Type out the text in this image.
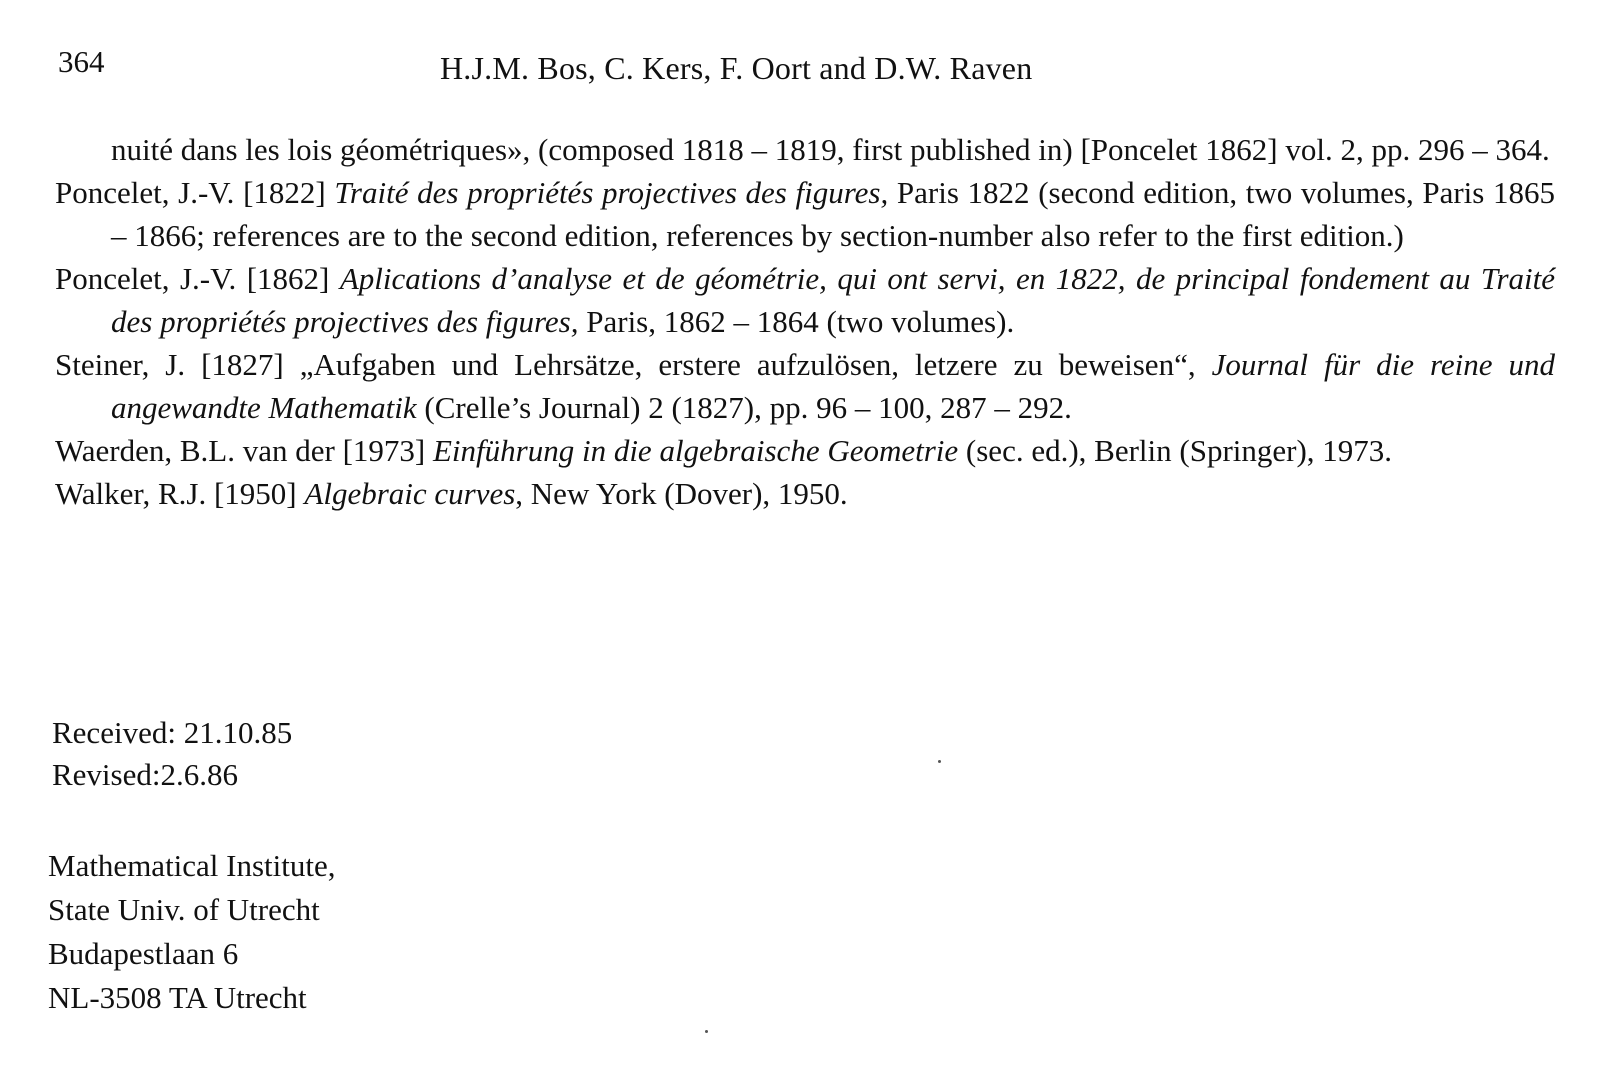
364	H.J.M. Bos, C. Kers, F. Oort and D.W. Raven
nuité dans les lois géométriques», (composed 1818 – 1819, first published in) [Poncelet 1862] vol. 2, pp. 296 – 364.
Poncelet, J.-V. [1822] Traité des propriétés projectives des figures, Paris 1822 (second edition, two volumes, Paris 1865 – 1866; references are to the second edition, references by section-number also refer to the first edition.)
Poncelet, J.-V. [1862] Aplications d’analyse et de géométrie, qui ont servi, en 1822, de principal fondement au Traité des propriétés projectives des figures, Paris, 1862 – 1864 (two volumes).
Steiner, J. [1827] „Aufgaben und Lehrsätze, erstere aufzulösen, letzere zu beweisen“, Journal für die reine und angewandte Mathematik (Crelle’s Journal) 2 (1827), pp. 96 – 100, 287 – 292.
Waerden, B.L. van der [1973] Einführung in die algebraische Geometrie (sec. ed.), Berlin (Springer), 1973.
Walker, R.J. [1950] Algebraic curves, New York (Dover), 1950.
Received: 21.10.85
Revised:2.6.86
Mathematical Institute,
State Univ. of Utrecht
Budapestlaan 6
NL-3508 TA Utrecht
